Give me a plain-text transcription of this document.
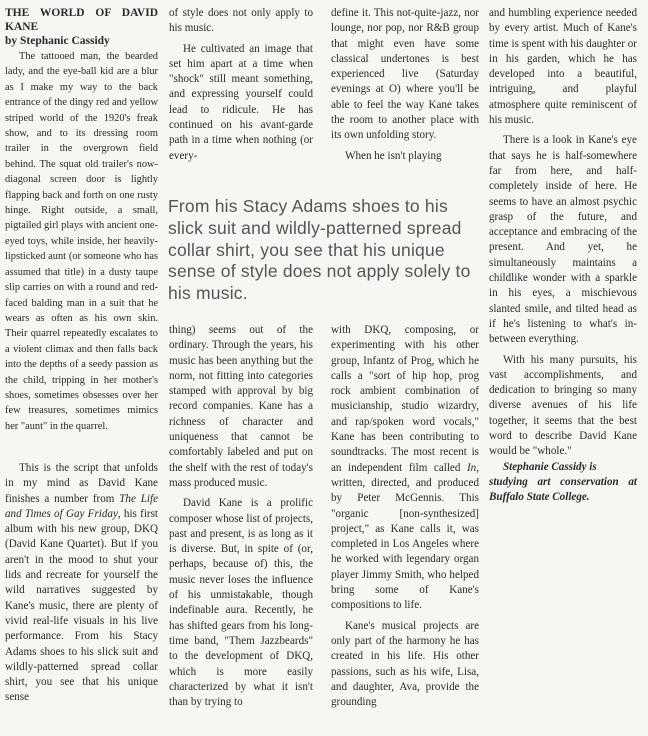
THE WORLD OF DAVID KANE

by Stephanic Cassidy

The tattooed man, the bearded lady, and the eye-ball kid are a blur as I make my way to the back entrance of the dingy red and yellow striped world of the 1920's freak show, and to its dressing room trailer in the overgrown field behind. The squat old trailer's now-diagonal screen door is lightly flapping back and forth on one rusty hinge. Right outside, a small, pigtailed girl plays with ancient one-eyed toys, while inside, her heavily-lipsticked aunt (or someone who has assumed that title) in a dusty taupe slip carries on with a round and red-faced balding man in a suit that he wears as often as his own skin. Their quarrel repeatedly escalates to a violent climax and then falls back into the depths of a seedy passion as the child, tripping in her mother's shoes, sometimes obsesses over her few treasures, sometimes mimics her "aunt" in the quarrel.

This is the script that unfolds in my mind as David Kane finishes a number from The Life and Times of Gay Friday, his first album with his new group, DKQ (David Kane Quartet). But if you aren't in the mood to shut your lids and recreate for yourself the wild narratives suggested by Kane's music, there are plenty of vivid real-life visuals in his live performance. From his Stacy Adams shoes to his slick suit and wildly-patterned spread collar shirt, you see that his unique sense

of style does not only apply to his music.

He cultivated an image that set him apart at a time when "shock" still meant something, and expressing yourself could lead to ridicule. He has continued on his avant-garde path in a time when nothing (or every-

define it. This not-quite-jazz, nor lounge, nor pop, nor R&B group that might even have some classical undertones is best experienced live (Saturday evenings at O) where you'll be able to feel the way Kane takes the room to another place with its own unfolding story.

When he isn't playing

From his Stacy Adams shoes to his slick suit and wildly-patterned spread collar shirt, you see that his unique sense of style does not apply solely to his music.

thing) seems out of the ordinary. Through the years, his music has been anything but the norm, not fitting into categories stamped with approval by big record companies. Kane has a richness of character and uniqueness that cannot be comfortably labeled and put on the shelf with the rest of today's mass produced music.

David Kane is a prolific composer whose list of projects, past and present, is as long as it is diverse. But, in spite of (or, perhaps, because of) this, the music never loses the influence of his unmistakable, though indefinable aura. Recently, he has shifted gears from his long-time band, "Them Jazzbeards" to the development of DKQ, which is more easily characterized by what it isn't than by trying to

with DKQ, composing, or experimenting with his other group, Infantz of Prog, which he calls a "sort of hip hop, prog rock ambient combination of musicianship, studio wizardry, and rap/spoken word vocals," Kane has been contributing to soundtracks. The most recent is an independent film called In, written, directed, and produced by Peter McGennis. This "organic [non-synthesized] project," as Kane calls it, was completed in Los Angeles where he worked with legendary organ player Jimmy Smith, who helped bring some of Kane's compositions to life.

Kane's musical projects are only part of the harmony he has created in his life. His other passions, such as his wife, Lisa, and daughter, Ava, provide the grounding

and humbling experience needed by every artist. Much of Kane's time is spent with his daughter or in his garden, which he has developed into a beautiful, intriguing, and playful atmosphere quite reminiscent of his music.

There is a look in Kane's eye that says he is half-somewhere far from here, and half-completely inside of here. He seems to have an almost psychic grasp of the future, and acceptance and embracing of the present. And yet, he simultaneously maintains a childlike wonder with a sparkle in his eyes, a mischievous slanted smile, and tilted head as if he's listening to what's in-between everything.

With his many pursuits, his vast accomplishments, and dedication to bringing so many diverse avenues of his life together, it seems that the best word to describe David Kane would be "whole."

Stephanie Cassidy is

studying art conservation at Buffalo State College.
